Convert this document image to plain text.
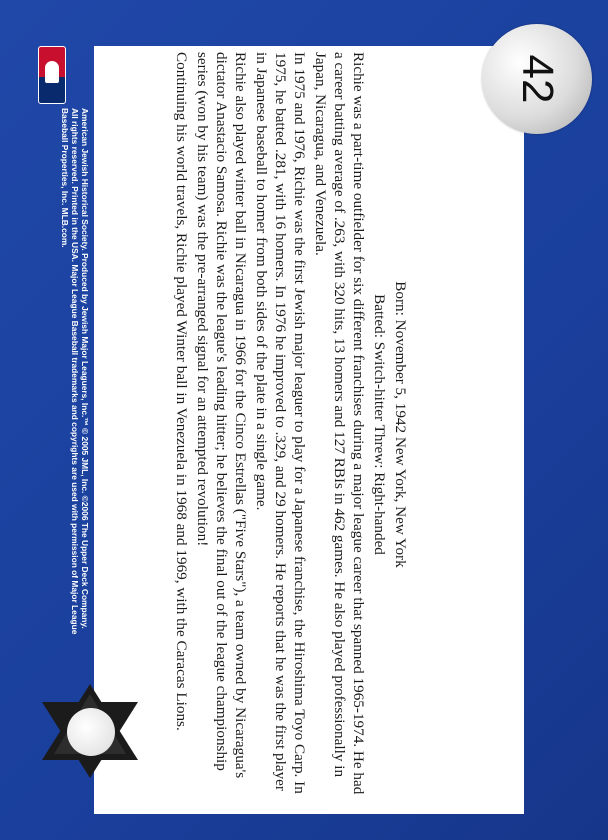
American Jewish Historical Society. Produced by Jewish Major Leaguers, Inc.™ © 2005 JML, Inc. ©2006 The Upper Deck Company.
All rights reserved. Printed in the USA. Major League Baseball trademarks and copyrights are used with permission of Major League
Baseball Properties, Inc. MLB.com.
42
Richard Alan Scheinblum

Born: November 5, 1942 New York, New York

Batted: Switch-hitter Threw: Right-handed

Richie was a part-time outfielder for six different franchises during a major league career that spanned 1965-1974. He had a career batting average of .263, with 320 hits, 13 homers and 127 RBIs in 462 games. He also played professionally in Japan, Nicaragua, and Venezuela.

In 1975 and 1976, Richie was the first Jewish major leaguer to play for a Japanese franchise, the Hiroshima Toyo Carp. In 1975, he batted .281, with 16 homers. In 1976 he improved to .329, and 29 homers. He reports that he was the first player in Japanese baseball to homer from both sides of the plate in a single game.

Richie also played winter ball in Nicaragua in 1966 for the Cinco Estrellas ("Five Stars"), a team owned by Nicaragua's dictator Anastacio Samosa. Richie was the league's leading hitter; he believes the final out of the league championship series (won by his team) was the pre-arranged signal for an attempted revolution!

Continuing his world travels, Richie played Winter ball in Venezuela in 1968 and 1969, with the Caracas Lions.
